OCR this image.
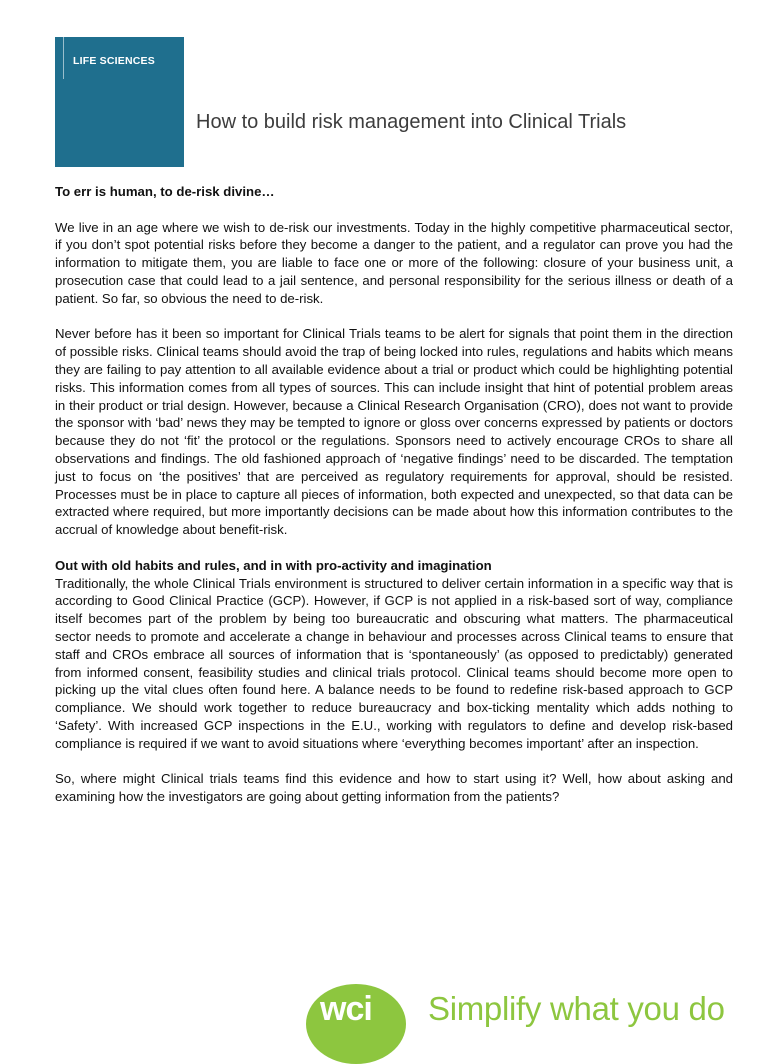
LIFE SCIENCES
How to build risk management into Clinical Trials

To err is human, to de-risk divine…

We live in an age where we wish to de-risk our investments. Today in the highly competitive pharmaceutical sector, if you don’t spot potential risks before they become a danger to the patient, and a regulator can prove you had the information to mitigate them, you are liable to face one or more of the following: closure of your business unit, a prosecution case that could lead to a jail sentence, and personal responsibility for the serious illness or death of a patient. So far, so obvious the need to de-risk.

Never before has it been so important for Clinical Trials teams to be alert for signals that point them in the direction of possible risks. Clinical teams should avoid the trap of being locked into rules, regulations and habits which means they are failing to pay attention to all available evidence about a trial or product which could be highlighting potential risks. This information comes from all types of sources. This can include insight that hint of potential problem areas in their product or trial design. However, because a Clinical Research Organisation (CRO), does not want to provide the sponsor with ‘bad’ news they may be tempted to ignore or gloss over concerns expressed by patients or doctors because they do not ‘fit’ the protocol or the regulations. Sponsors need to actively encourage CROs to share all observations and findings. The old fashioned approach of ‘negative findings’ need to be discarded. The temptation just to focus on ‘the positives’ that are perceived as regulatory requirements for approval, should be resisted. Processes must be in place to capture all pieces of information, both expected and unexpected, so that data can be extracted where required, but more importantly decisions can be made about how this information contributes to the accrual of knowledge about benefit-risk.

Out with old habits and rules, and in with pro-activity and imagination

Traditionally, the whole Clinical Trials environment is structured to deliver certain information in a specific way that is according to Good Clinical Practice (GCP). However, if GCP is not applied in a risk-based sort of way, compliance itself becomes part of the problem by being too bureaucratic and obscuring what matters. The pharmaceutical sector needs to promote and accelerate a change in behaviour and processes across Clinical teams to ensure that staff and CROs embrace all sources of information that is ‘spontaneously’ (as opposed to predictably) generated from informed consent, feasibility studies and clinical trials protocol. Clinical teams should become more open to picking up the vital clues often found here. A balance needs to be found to redefine risk-based approach to GCP compliance. We should work together to reduce bureaucracy and box-ticking mentality which adds nothing to ‘Safety’. With increased GCP inspections in the E.U., working with regulators to define and develop risk-based compliance is required if we want to avoid situations where ‘everything becomes important’ after an inspection.

So, where might Clinical trials teams find this evidence and how to start using it? Well, how about asking and examining how the investigators are going about getting information from the patients?

wci Simplify what you do
